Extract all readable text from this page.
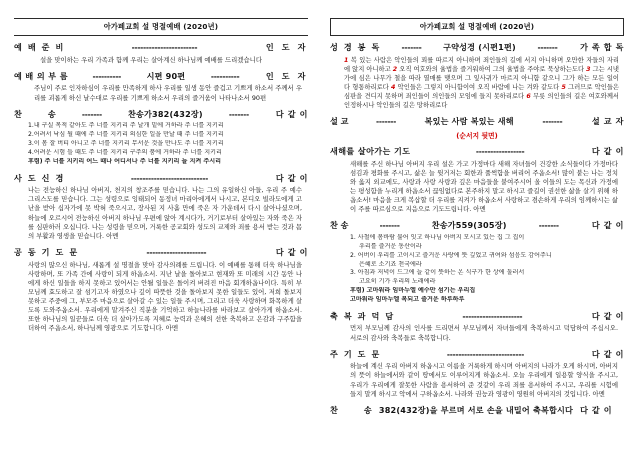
아가페교회 설 명절예배 (2020년)
예 배 준 비	-----------------------	인 도 자
설을 맞이하는 우리 가족과 함께 우리는 살아계신 하나님께 예배를 드리겠습니다
예 배 의 부 름	----------	시편 90편	----------	인 도 자
주님이 주로 인자하심이 우리를 만족하게 하사 우리를 일생 동안 즐겁고 기쁘게 하소서 주께서 우리를 괴롭게 하신 날수대로 우리를 기쁘게 하소서 우리의 즐거움이 나타나소서 90편
찬	송	-------	찬송가382(432장)	-------	다 같 이
1.내 구실 목적 같아도 주 너를 지키리 주 날개 밑에 거하라 주 너를 지키리
2.어려서 낙심 될 때에 주 너를 지키리 의심한 일을 만날 때 주 너를 지키리
3.이 몸 잘 버티 아니고 주 너를 지키리 무서운 것을 만나도 주 너를 지키리
4.어려운 시험 들 때도 주 너를 지키리 구주의 품에 거하라 주 너를 지키리
후렴) 주 너를 지키리 어느 때나 어디서나 주 너를 지키리 늘 지켜 주시리
사 도 신 경	---------------------------	다 같 이
나는 전능하신 하나님 아버지, 천지의 창조주를 믿습니다. 나는 그의 유일하신 아들, 우리 주 예수 그리스도를 믿습니다. 그는 성령으로 잉태되어 동정녀 마리아에게서 나시고, 본디오 빌라도에게 고난을 받아 십자가에 못 박혀 죽으시고, 장사된 지 사흘 만에 죽은 자 가운데서 다시 살아나셨으며, 하늘에 오르시어 전능하신 아버지 하나님 우편에 앉아 계시다가, 거기로부터 살아있는 자와 죽은 자를 심판하러 오십니다. 나는 성령을 믿으며, 거룩한 공교회와 성도의 교제와 죄를 용서 받는 것과 몸의 부활과 영생을 믿습니다. 아멘
공 동 기 도 문	---------------------	다 같 이
사랑의 많으신 하나님, 새롭게 설 명절을 맞아 감사의례를 드립니다. 이 예배를 통해 더욱 하나님을 사랑하며, 또 가족 간에 사랑이 되게 하옵소서. 지난 날을 돌아보고 현재와 또 미래의 시간 동안 나에게 하신 일들을 하지 못하고 있어서는 안될 일들은 돌이켜 버려진 마음 회개하옵나이다. 특히 부모님께 효도하고 잘 섬기고자 하였으나 깊이 따뜻한 것을 돌아보지 못한 일들도 있어, 저희 돌보지 못하고 주중에 그, 부모주 마음으로 살아갈 수 있는 일들 주시며, 그리고 더욱 사랑하며 화목하게 살도록 도와주옵소서. 우리에게 맡겨주신 직분을 기억하고 하늘나라를 바라보고 살아가게 하옵소서. 또한 하나님의 일꾼들로 더욱 더 살아가도록 지혜로 능력과 은혜의 선한 축복하고 은감과 구주함을 더하여 주옵소서, 하나님께 영광으로 기도합니다. 아멘
아가페교회 설 명절예배 (2020년)
성 경 봉 독	-------	구약성경 (시편1편)	-------	가 족 합 독
1 복 있는 사람은 악인들의 꾀를 따르지 아니하며 죄인들의 길에 서지 아니하며 오만한 자들의 자리에 앉지 아니하고 2 오직 여호와의 율법을 즐거워하여 그의 율법을 주야로 묵상하는도다 3 그는 시냇가에 심은 나무가 철을 따라 열매를 맺으며 그 잎사귀가 마르지 아니함 같으니 그가 하는 모든 일이 다 형통하리로다 4 악인들은 그렇지 아니함이여 오직 바람에 나는 겨와 같도다 5 그러므로 악인들은 심판을 견디지 못하며 죄인들이 의인들의 모임에 들지 못하리로다 6 무릇 의인들의 길은 여호와께서 인정하시나 악인들의 길은 망하리로다
설 교	-------	복있는 사람 복있는 새해	-------	설 교 자
(순서지 뒷면)
새해를 살아가는 기도	-----------------	다 같 이
새해를 주신 하나님 아버지 우리 설은 가고 가정마다 새해 자녀들이 건강한 소식들이다 가정마다 섬김과 평화를 주시고, 삶은 늘 뒷거저는 회한과 풀썩함을 버리어 주옵소서! 많이 붙는 나는 정치와 옳지 외교에도, 사랑과 사랑 사랑과 깊은 마음들을 붙여주시어 올 이들의 도는 목신과 가정에는 평성함을 누리게 하옵소서 끊임없다로 본주하지 말고 하시고 즐길이 권선한 삶을 살기 위해 하옵소서! 마음을 크게 복삽할 더 우리를 지켜가 하옵소서 사랑하고 겸손하게 우리의 임께하시는 삶이 주를 따르심으로 지음으로 기도드립니다. 아멘
찬 송	-------	찬송가559(305장)	-------	다 같 이
1. 사철에 봄바람 불어 잇고 하나님 아버지 모시고 있는 집 그 집이
우리를 즐거운 동산이라
2. 어버이 우리를 고이시고 즐거운 사랑에 뜻 깊었고 귀여와 섬음도 감어주니
은혜로 소기죠 천국에라
3. 아침과 저녁이 드그에 늘 같이 뜻하는 온 식구가 한 상에 둘러서
고요히 기가 우리의 노래에라
후렴) 고마워라 임마누엘 예수만 섬기는 우리집
고마워라 임마누엘 복되고 즐거운 하루하루
축 복 과 덕 담	---------------------	다 같 이
먼저 부모님께 감사의 인사를 드리면서 부모님께서 자녀들에게 축복하시고 덕담하여 주십시오. 서로의 감사와 축복들로 축복합니다.
주 기 도 문	---------------------------	다 같 이
하늘에 계신 우리 아버지 하옵시고 이름을 거룩하게 하시며 아버지의 나라가 오게 하시며, 아버지의 뜻이 하늘에서와 같이 땅에서도 이루어지게 하옵소서. 오늘 우리에게 일용할 양식을 주시고, 우리가 우리에게 잘못한 사람을 용서하여 준 것같이 우리 죄를 용서하여 주시고, 우리를 시험에 들지 말게 하시고 악에서 구하옵소서. 나라와 권능과 영광이 영원히 아버지의 것입니다. 아멘
찬	송 382(432장)을 부르며 서로 손을 내밀어 축복합시다 다 같 이
